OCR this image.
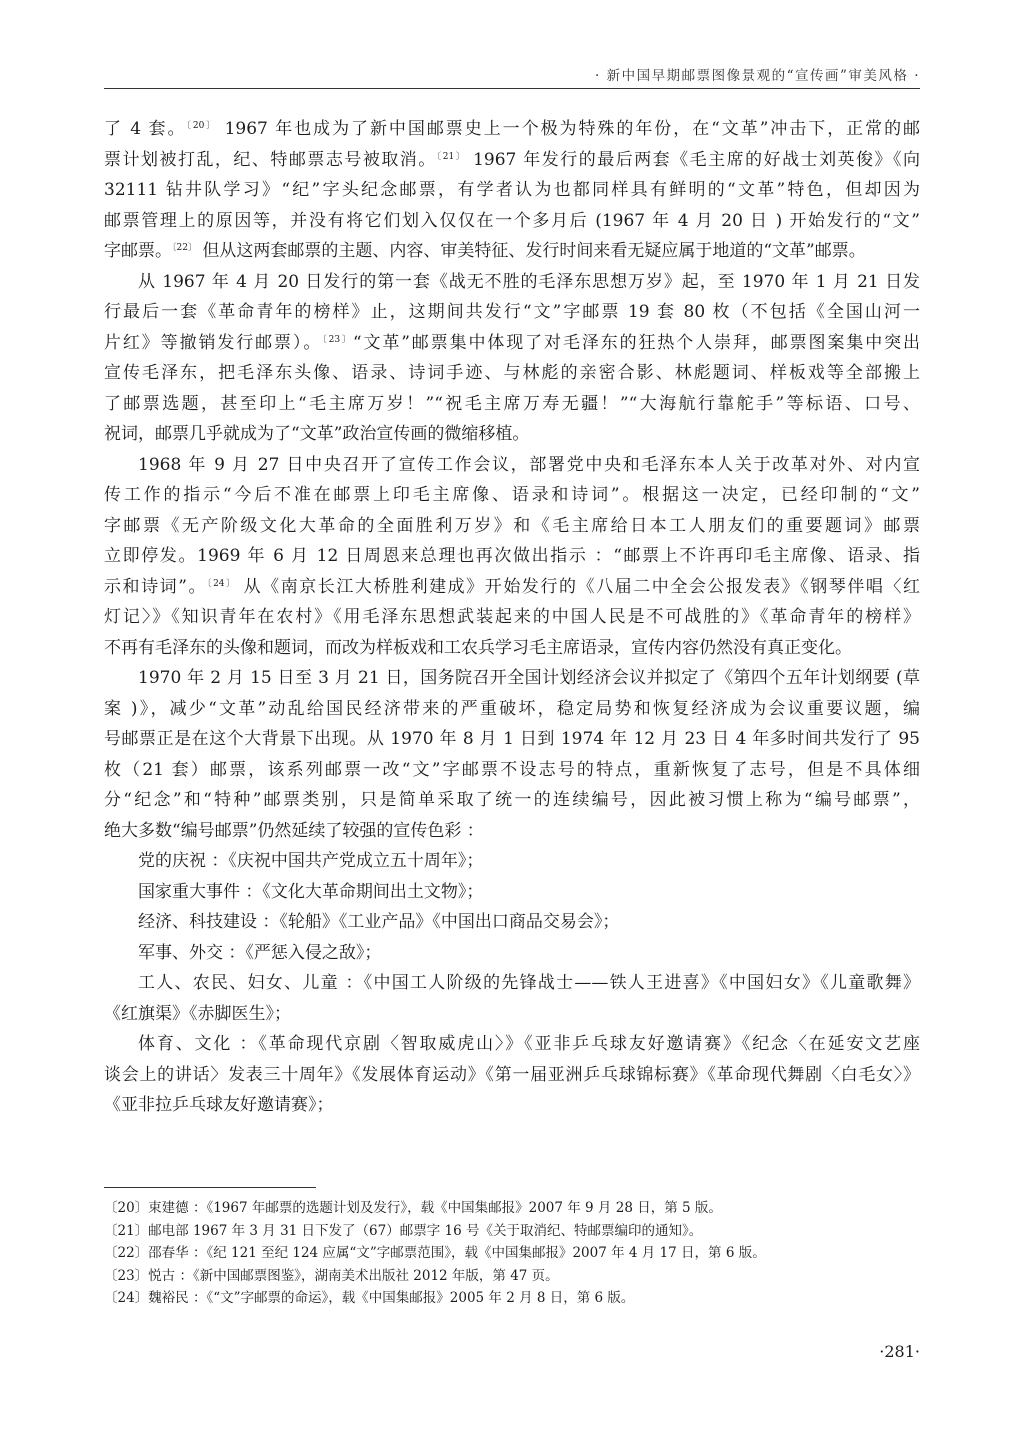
· 新中国早期邮票图像景观的“宣传画”审美风格 ·

了 4 套。$^{〔20〕}$ 1967 年也成为了新中国邮票史上一个极为特殊的年份，在“文革”冲击下，正常的邮

票计划被打乱，纪、特邮票志号被取消。$^{〔21〕}$ 1967 年发行的最后两套《毛主席的好战士刘英俊》《向

32111 钻井队学习》“纪”字头纪念邮票，有学者认为也都同样具有鲜明的“文革”特色，但却因为

邮票管理上的原因等，并没有将它们划入仅仅在一个多月后 (1967 年 4 月 20 日 ) 开始发行的“文”

字邮票。$^{〔22〕}$ 但从这两套邮票的主题、内容、审美特征、发行时间来看无疑应属于地道的“文革”邮票。

从 1967 年 4 月 20 日发行的第一套《战无不胜的毛泽东思想万岁》起，至 1970 年 1 月 21 日发

行最后一套《革命青年的榜样》止，这期间共发行“文”字邮票 19 套 80 枚（不包括《全国山河一

片红》等撤销发行邮票）。$^{〔23〕}$“文革”邮票集中体现了对毛泽东的狂热个人崇拜，邮票图案集中突出

宣传毛泽东，把毛泽东头像、语录、诗词手迹、与林彪的亲密合影、林彪题词、样板戏等全部搬上

了邮票选题，甚至印上“毛主席万岁！”“祝毛主席万寿无疆！”“大海航行靠舵手”等标语、口号、

祝词，邮票几乎就成为了“文革”政治宣传画的微缩移植。

1968 年 9 月 27 日中央召开了宣传工作会议，部署党中央和毛泽东本人关于改革对外、对内宣

传工作的指示“今后不准在邮票上印毛主席像、语录和诗词”。根据这一决定，已经印制的“文”

字邮票《无产阶级文化大革命的全面胜利万岁》和《毛主席给日本工人朋友们的重要题词》邮票

立即停发。1969 年 6 月 12 日周恩来总理也再次做出指示 ：“邮票上不许再印毛主席像、语录、指

示和诗词”。$^{〔24〕}$ 从《南京长江大桥胜利建成》开始发行的《八届二中全会公报发表》《钢琴伴唱〈红

灯记〉》《知识青年在农村》《用毛泽东思想武装起来的中国人民是不可战胜的》《革命青年的榜样》

不再有毛泽东的头像和题词，而改为样板戏和工农兵学习毛主席语录，宣传内容仍然没有真正变化。

1970 年 2 月 15 日至 3 月 21 日，国务院召开全国计划经济会议并拟定了《第四个五年计划纲要 (草

案 )》，减少“文革”动乱给国民经济带来的严重破坏，稳定局势和恢复经济成为会议重要议题，编

号邮票正是在这个大背景下出现。从 1970 年 8 月 1 日到 1974 年 12 月 23 日 4 年多时间共发行了 95

枚（21 套）邮票，该系列邮票一改“文”字邮票不设志号的特点，重新恢复了志号，但是不具体细

分“纪念”和“特种”邮票类别，只是简单采取了统一的连续编号，因此被习惯上称为“编号邮票”，

绝大多数“编号邮票”仍然延续了较强的宣传色彩 ：

党的庆祝 ：《庆祝中国共产党成立五十周年》；

国家重大事件 ：《文化大革命期间出土文物》；

经济、科技建设 ：《轮船》《工业产品》《中国出口商品交易会》；

军事、外交 ：《严惩入侵之敌》；

工人、农民、妇女、儿童 ：《中国工人阶级的先锋战士——铁人王进喜》《中国妇女》《儿童歌舞》

《红旗渠》《赤脚医生》；

体育、文化 ：《革命现代京剧〈智取威虎山〉》《亚非乒乓球友好邀请赛》《纪念〈在延安文艺座

谈会上的讲话〉发表三十周年》《发展体育运动》《第一届亚洲乒乓球锦标赛》《革命现代舞剧〈白毛女〉》

《亚非拉乒乓球友好邀请赛》；

〔20〕束建德 ：《1967 年邮票的选题计划及发行》，载《中国集邮报》2007 年 9 月 28 日，第 5 版。
〔21〕邮电部 1967 年 3 月 31 日下发了（67）邮票字 16 号《关于取消纪、特邮票编印的通知》。
〔22〕邵春华 ：《纪 121 至纪 124 应属“文”字邮票范围》，载《中国集邮报》2007 年 4 月 17 日，第 6 版。
〔23〕悦古 ：《新中国邮票图鉴》，湖南美术出版社 2012 年版，第 47 页。
〔24〕魏裕民 ：《“文”字邮票的命运》，载《中国集邮报》2005 年 2 月 8 日，第 6 版。
·281·
